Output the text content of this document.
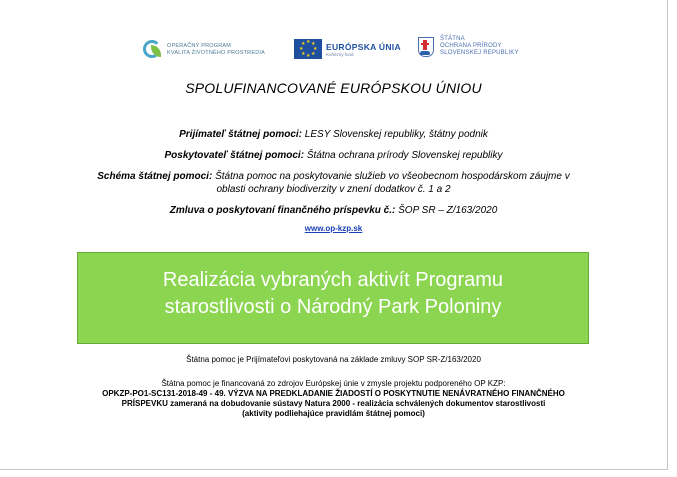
OPERAČNÝ PROGRAM
KVALITA ŽIVOTNÉHO PROSTREDIA
★ ★
★
★
★
★
★
★ EURÓPSKA ÚNIA
Kohézny fond
ŠTÁTNA
OCHRANA PRÍRODY
SLOVENSKEJ REPUBLIKY
SPOLUFINANCOVANÉ EURÓPSKOU ÚNIOU
Prijímateľ štátnej pomoci: LESY Slovenskej republiky, štátny podnik
Poskytovateľ štátnej pomoci: Štátna ochrana prírody Slovenskej republiky
Schéma štátnej pomoci: Štátna pomoc na poskytovanie služieb vo všeobecnom hospodárskom záujme v
oblasti ochrany biodiverzity v znení dodatkov č. 1 a 2
Zmluva o poskytovaní finančného príspevku č.: ŠOP SR – Z/163/2020
www.op-kzp.sk
Realizácia vybraných aktivít Programu
starostlivosti o Národný Park Poloniny
Štátna pomoc je Prijímateľovi poskytovaná na základe zmluvy SOP SR-Z/163/2020
Štátna pomoc je financovaná zo zdrojov Európskej únie v zmysle projektu podporeného OP KZP:
OPKZP-PO1-SC131-2018-49 - 49. VÝZVA NA PREDKLADANIE ŽIADOSTÍ O POSKYTNUTIE NENÁVRATNÉHO FINANČNÉHO
PRÍSPEVKU zameraná na dobudovanie sústavy Natura 2000 - realizácia schválených dokumentov starostlivosti
(aktivity podliehajúce pravidlám štátnej pomoci)
